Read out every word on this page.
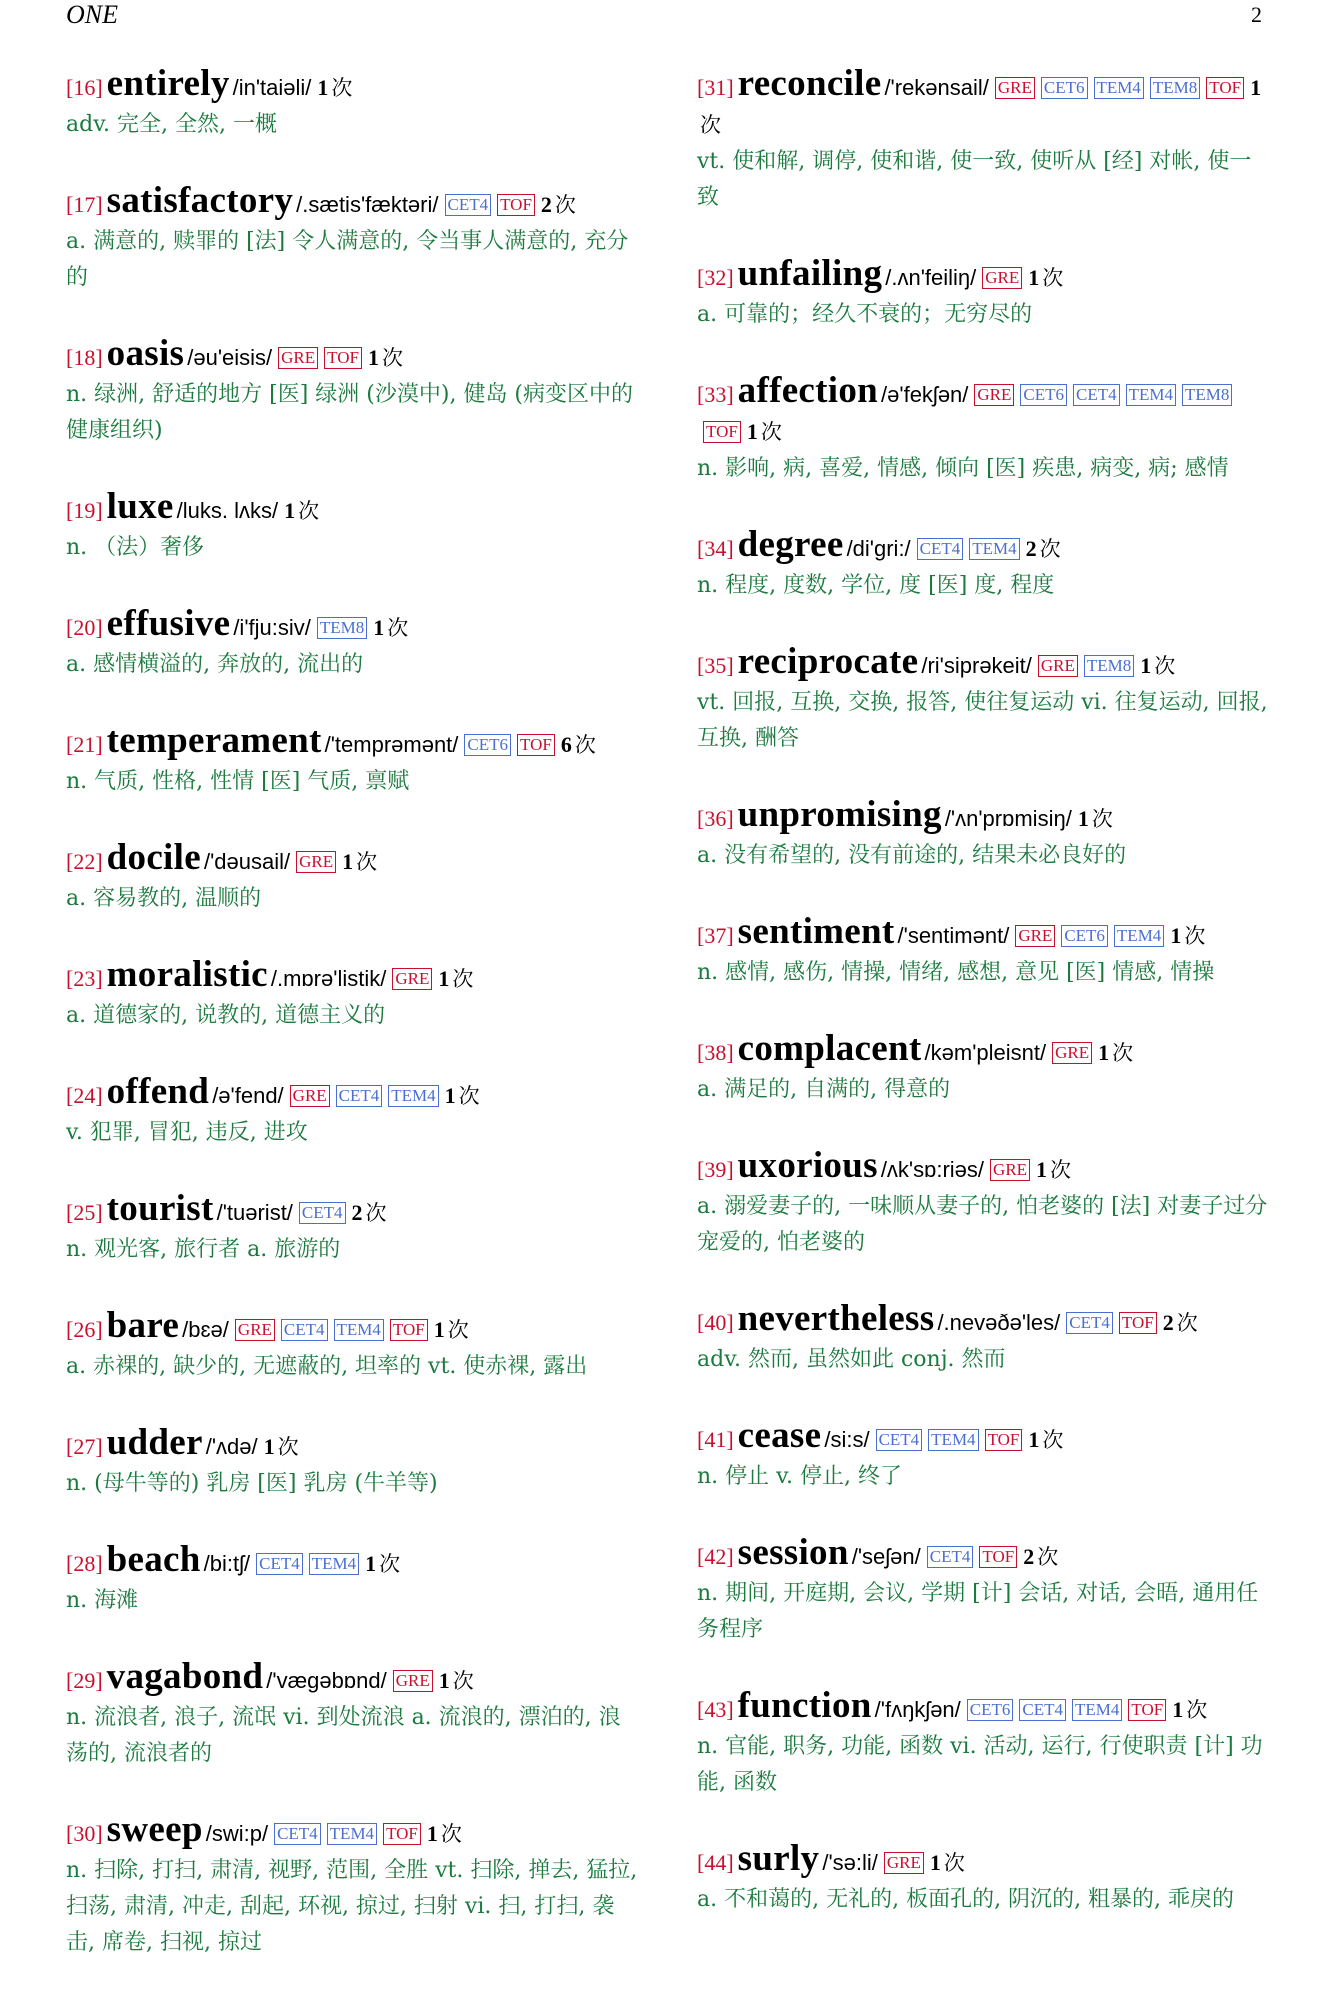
ONE	2
[16] entirely /in'taiəli/ 1 次
adv. 完全, 全然, 一概
[17] satisfactory /.sætis'fæktəri/ CET4 TOF 2 次
a. 满意的, 赎罪的 [法] 令人满意的, 令当事人满意的, 充分的
[18] oasis /əu'eisis/ GRE TOF 1 次
n. 绿洲, 舒适的地方 [医] 绿洲 (沙漠中), 健岛 (病变区中的健康组织)
[19] luxe /luks. lʌks/ 1 次
n. （法）奢侈
[20] effusive /i'fju:siv/ TEM8 1 次
a. 感情横溢的, 奔放的, 流出的
[21] temperament /'temprəmənt/ CET6 TOF 6 次
n. 气质, 性格, 性情 [医] 气质, 禀赋
[22] docile /'dəusail/ GRE 1 次
a. 容易教的, 温顺的
[23] moralistic /.mɒrə'listik/ GRE 1 次
a. 道德家的, 说教的, 道德主义的
[24] offend /ə'fend/ GRE CET4 TEM4 1 次
v. 犯罪, 冒犯, 违反, 进攻
[25] tourist /'tuərist/ CET4 2 次
n. 观光客, 旅行者 a. 旅游的
[26] bare /bɛə/ GRE CET4 TEM4 TOF 1 次
a. 赤裸的, 缺少的, 无遮蔽的, 坦率的 vt. 使赤裸, 露出
[27] udder /'ʌdə/ 1 次
n. (母牛等的) 乳房 [医] 乳房 (牛羊等)
[28] beach /bi:tʃ/ CET4 TEM4 1 次
n. 海滩
[29] vagabond /'vægəbɒnd/ GRE 1 次
n. 流浪者, 浪子, 流氓 vi. 到处流浪 a. 流浪的, 漂泊的, 浪荡的, 流浪者的
[30] sweep /swi:p/ CET4 TEM4 TOF 1 次
n. 扫除, 打扫, 肃清, 视野, 范围, 全胜 vt. 扫除, 掸去, 猛拉, 扫荡, 肃清, 冲走, 刮起, 环视, 掠过, 扫射 vi. 扫, 打扫, 袭击, 席卷, 扫视, 掠过
[31] reconcile /'rekənsail/ GRE CET6 TEM4 TEM8 TOF 1次
vt. 使和解, 调停, 使和谐, 使一致, 使听从 [经] 对帐, 使一致
[32] unfailing /.ʌn'feiliŋ/ GRE 1 次
a. 可靠的；经久不衰的；无穷尽的
[33] affection /ə'fekʃən/ GRE CET6 CET4 TEM4 TEM8TOF 1 次
n. 影响, 病, 喜爱, 情感, 倾向 [医] 疾患, 病变, 病; 感情
[34] degree /di'gri:/ CET4 TEM4 2 次
n. 程度, 度数, 学位, 度 [医] 度, 程度
[35] reciprocate /ri'siprəkeit/ GRE TEM8 1 次
vt. 回报, 互换, 交换, 报答, 使往复运动 vi. 往复运动, 回报, 互换, 酬答
[36] unpromising /'ʌn'prɒmisiŋ/ 1 次
a. 没有希望的, 没有前途的, 结果未必良好的
[37] sentiment /'sentimənt/ GRE CET6 TEM4 1 次
n. 感情, 感伤, 情操, 情绪, 感想, 意见 [医] 情感, 情操
[38] complacent /kəm'pleisnt/ GRE 1 次
a. 满足的, 自满的, 得意的
[39] uxorious /ʌk'sɒ:riəs/ GRE 1 次
a. 溺爱妻子的, 一味顺从妻子的, 怕老婆的 [法] 对妻子过分宠爱的, 怕老婆的
[40] nevertheless /.nevəðə'les/ CET4 TOF 2 次
adv. 然而, 虽然如此 conj. 然而
[41] cease /si:s/ CET4 TEM4 TOF 1 次
n. 停止 v. 停止, 终了
[42] session /'seʃən/ CET4 TOF 2 次
n. 期间, 开庭期, 会议, 学期 [计] 会话, 对话, 会晤, 通用任务程序
[43] function /'fʌŋkʃən/ CET6 CET4 TEM4 TOF 1 次
n. 官能, 职务, 功能, 函数 vi. 活动, 运行, 行使职责 [计] 功能, 函数
[44] surly /'sə:li/ GRE 1 次
a. 不和蔼的, 无礼的, 板面孔的, 阴沉的, 粗暴的, 乖戾的
